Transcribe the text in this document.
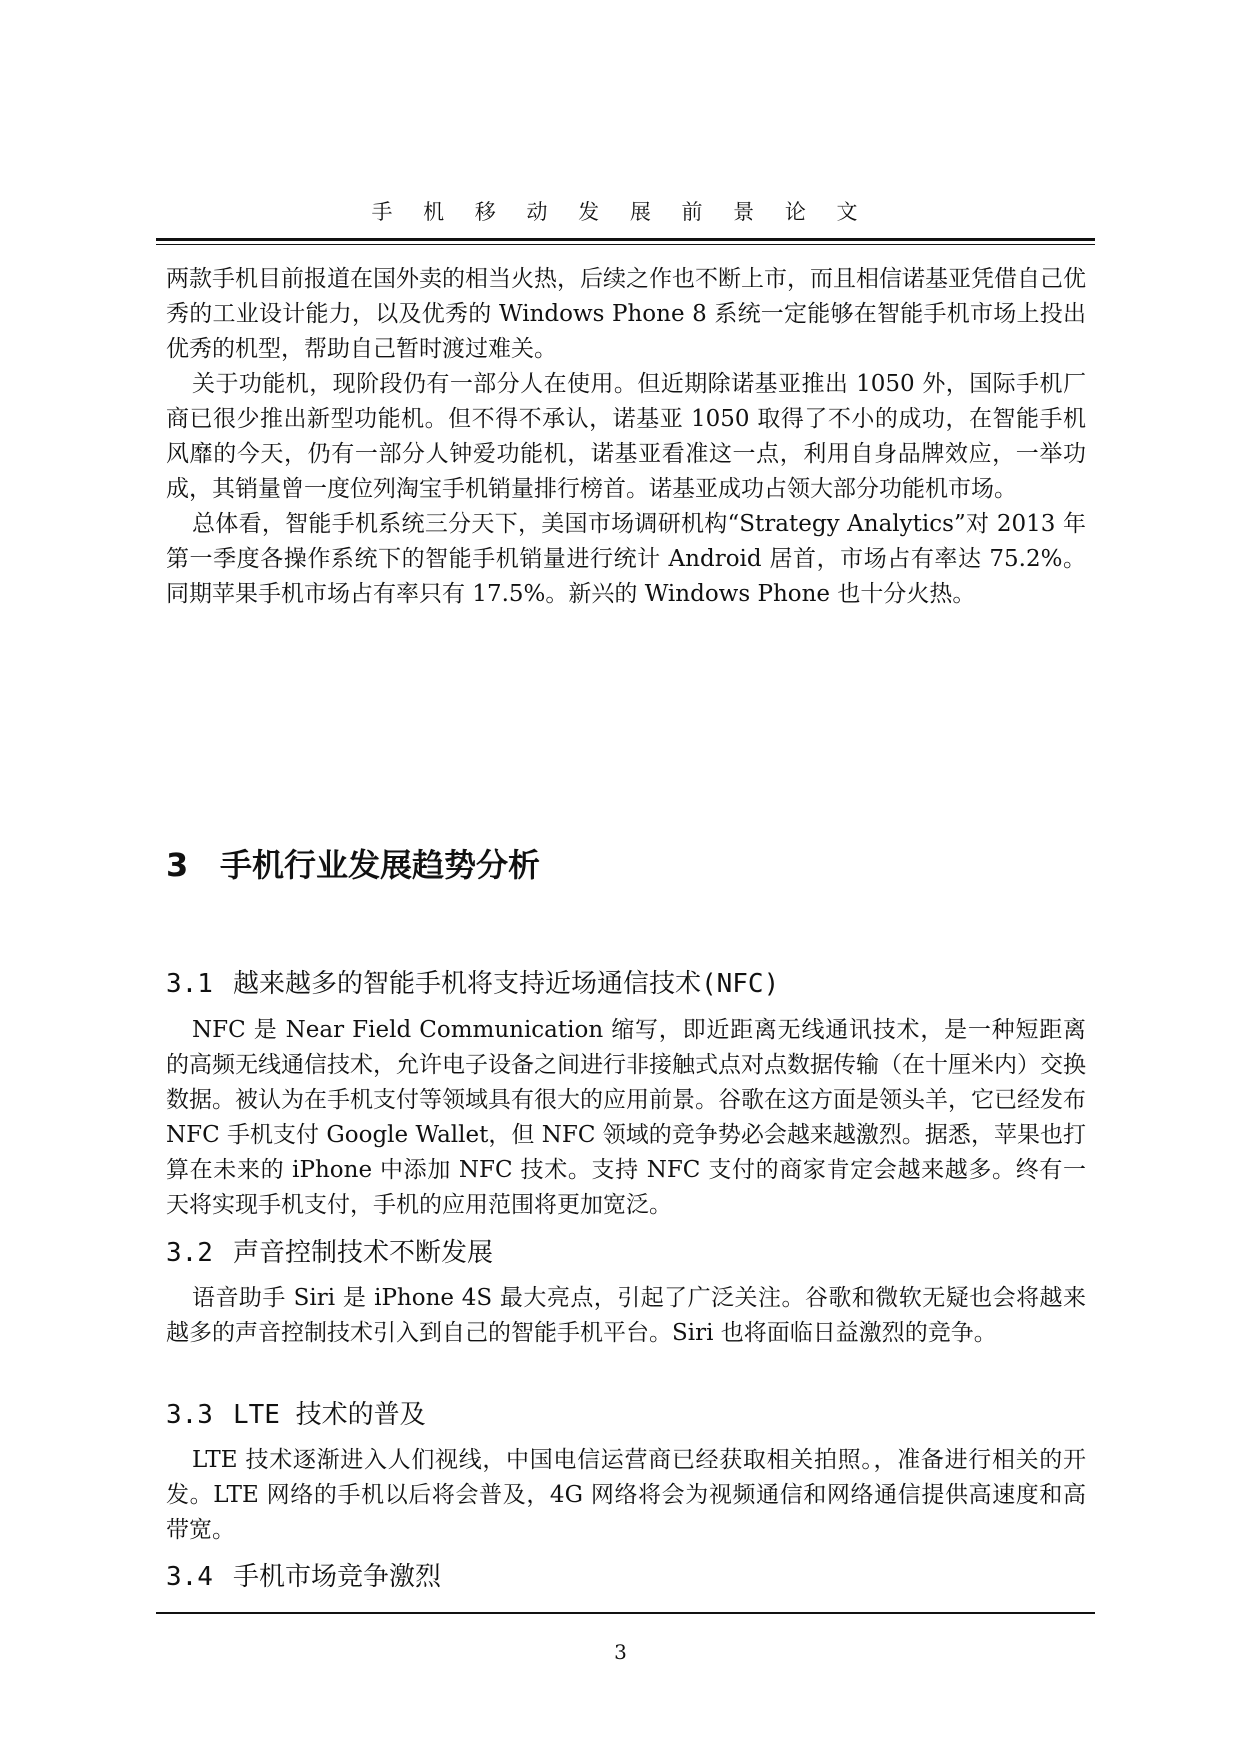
手 机 移 动 发 展 前 景 论 文

两款手机目前报道在国外卖的相当火热，后续之作也不断上市，而且相信诺基亚凭借自己优秀的工业设计能力，以及优秀的 Windows Phone 8 系统一定能够在智能手机市场上投出优秀的机型，帮助自己暂时渡过难关。

关于功能机，现阶段仍有一部分人在使用。但近期除诺基亚推出 1050 外，国际手机厂商已很少推出新型功能机。但不得不承认，诺基亚 1050 取得了不小的成功，在智能手机风靡的今天，仍有一部分人钟爱功能机，诺基亚看准这一点，利用自身品牌效应，一举功成，其销量曾一度位列淘宝手机销量排行榜首。诺基亚成功占领大部分功能机市场。

总体看，智能手机系统三分天下，美国市场调研机构“Strategy Analytics”对 2013 年第一季度各操作系统下的智能手机销量进行统计 Android 居首，市场占有率达 75.2%。同期苹果手机市场占有率只有 17.5%。新兴的 Windows Phone 也十分火热。

3 手机行业发展趋势分析
3.1 越来越多的智能手机将支持近场通信技术(NFC)

NFC 是 Near Field Communication 缩写，即近距离无线通讯技术，是一种短距离的高频无线通信技术，允许电子设备之间进行非接触式点对点数据传输（在十厘米内）交换数据。被认为在手机支付等领域具有很大的应用前景。谷歌在这方面是领头羊，它已经发布 NFC 手机支付 Google Wallet，但 NFC 领域的竞争势必会越来越激烈。据悉，苹果也打算在未来的 iPhone 中添加 NFC 技术。支持 NFC 支付的商家肯定会越来越多。终有一天将实现手机支付，手机的应用范围将更加宽泛。

3.2 声音控制技术不断发展

语音助手 Siri 是 iPhone 4S 最大亮点，引起了广泛关注。谷歌和微软无疑也会将越来越多的声音控制技术引入到自己的智能手机平台。Siri 也将面临日益激烈的竞争。

3.3 LTE 技术的普及

LTE 技术逐渐进入人们视线，中国电信运营商已经获取相关拍照。，准备进行相关的开发。LTE 网络的手机以后将会普及，4G 网络将会为视频通信和网络通信提供高速度和高带宽。

3.4 手机市场竞争激烈
3
